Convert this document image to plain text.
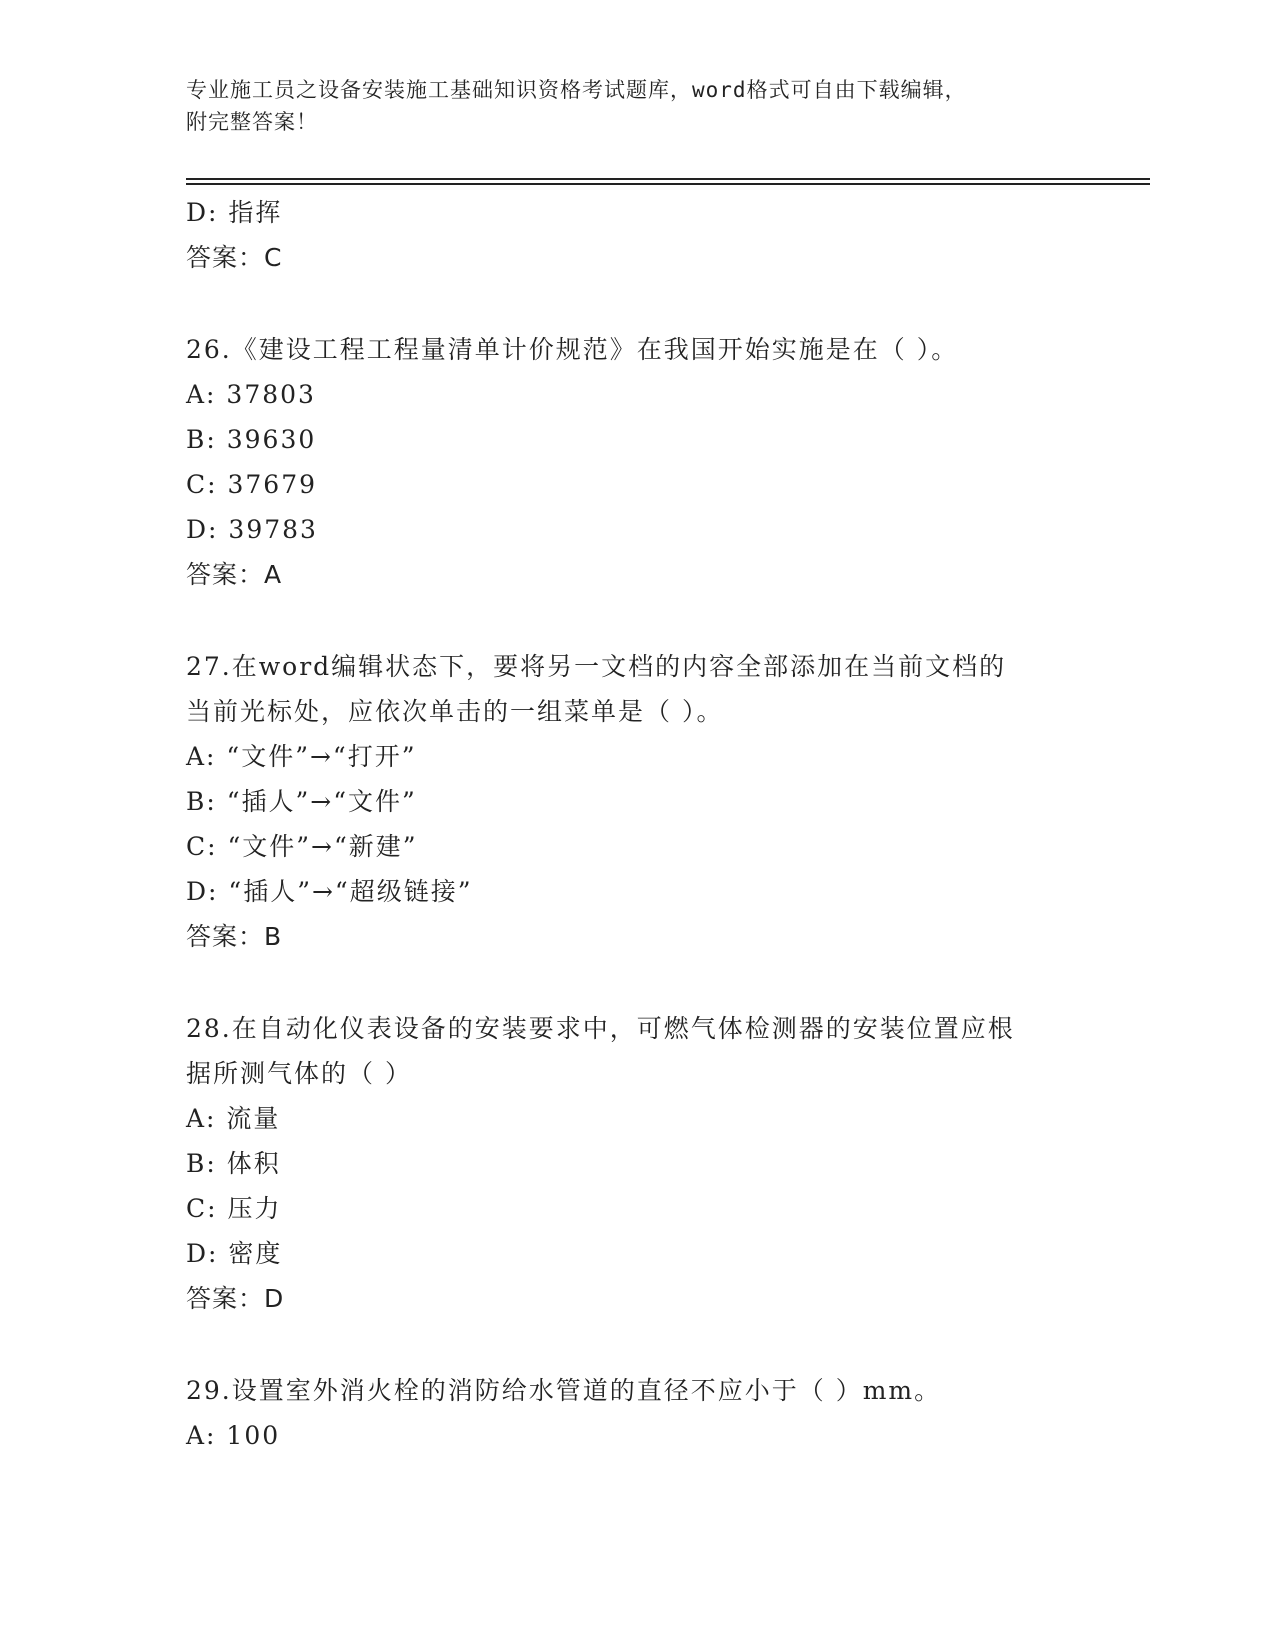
专业施工员之设备安装施工基础知识资格考试题库，word格式可自由下载编辑，
附完整答案！
D: 指挥
答案：C
26.《建设工程工程量清单计价规范》在我国开始实施是在（ ）。
A: 37803
B: 39630
C: 37679
D: 39783
答案：A
27.在word编辑状态下，要将另一文档的内容全部添加在当前文档的
当前光标处，应依次单击的一组菜单是（ ）。
A: “文件”→“打开”
B: “插人”→“文件”
C: “文件”→“新建”
D: “插人”→“超级链接”
答案：B
28.在自动化仪表设备的安装要求中，可燃气体检测器的安装位置应根
据所测气体的（ ）
A: 流量
B: 体积
C: 压力
D: 密度
答案：D
29.设置室外消火栓的消防给水管道的直径不应小于（ ）mm。
A: 100
